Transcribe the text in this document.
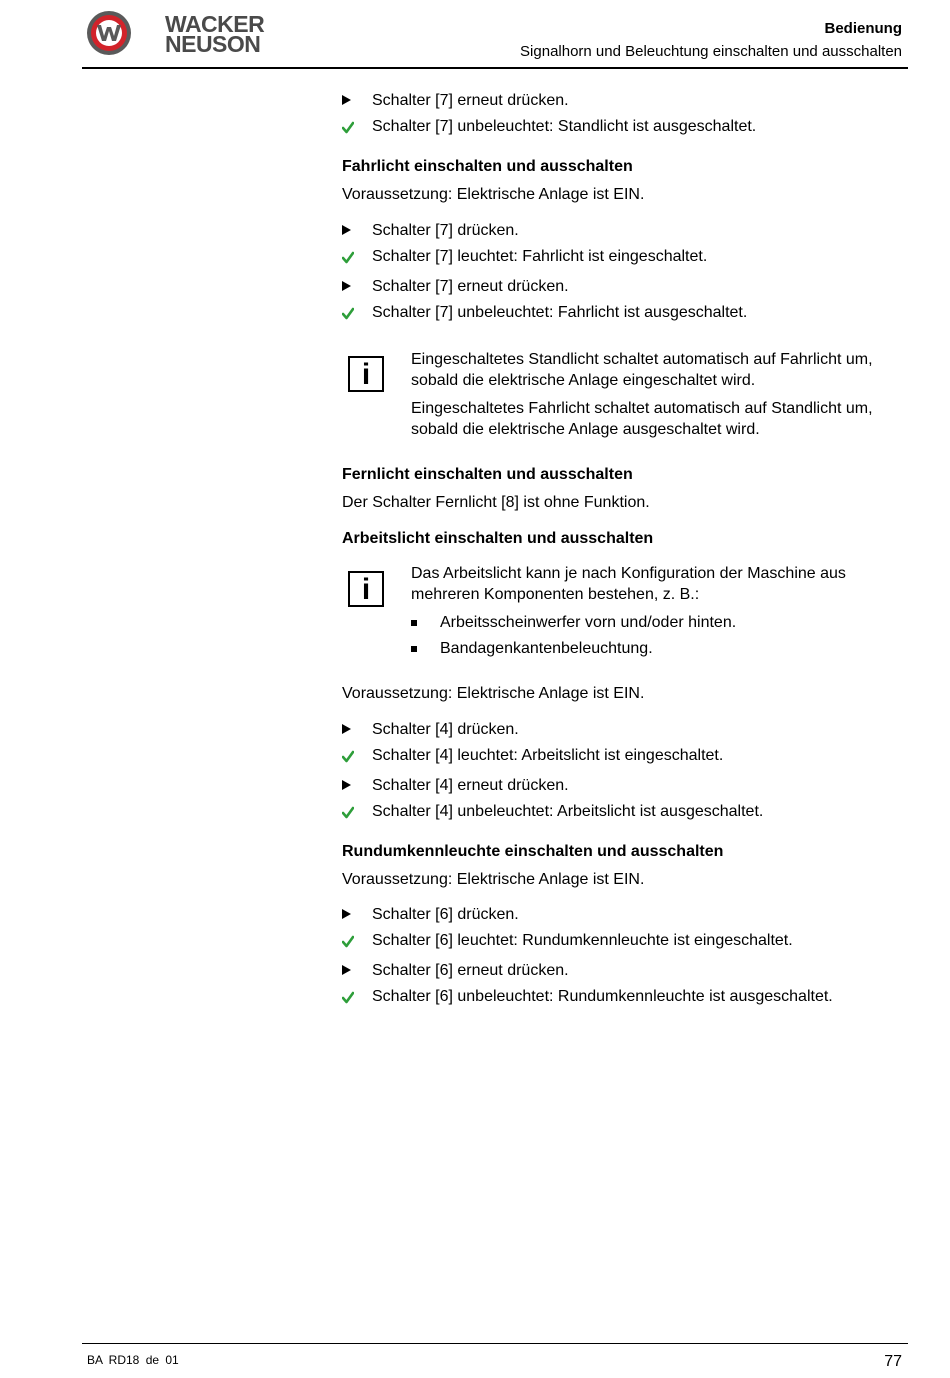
WACKER
NEUSON
Bedienung
Signalhorn und Beleuchtung einschalten und ausschalten
Schalter [7] erneut drücken.
Schalter [7] unbeleuchtet: Standlicht ist ausgeschaltet.
Fahrlicht einschalten und ausschalten
Voraussetzung: Elektrische Anlage ist EIN.
Schalter [7] drücken.
Schalter [7] leuchtet: Fahrlicht ist eingeschaltet.
Schalter [7] erneut drücken.
Schalter [7] unbeleuchtet: Fahrlicht ist ausgeschaltet.
i	Eingeschaltetes Standlicht schaltet automatisch auf Fahrlicht um, sobald die elektrische Anlage eingeschaltet wird.
Eingeschaltetes Fahrlicht schaltet automatisch auf Standlicht um, sobald die elektrische Anlage ausgeschaltet wird.
Fernlicht einschalten und ausschalten
Der Schalter Fernlicht [8] ist ohne Funktion.
Arbeitslicht einschalten und ausschalten
i	Das Arbeitslicht kann je nach Konfiguration der Maschine aus mehreren Komponenten bestehen, z. B.:
Arbeitsscheinwerfer vorn und/oder hinten.
Bandagenkantenbeleuchtung.
Voraussetzung: Elektrische Anlage ist EIN.
Schalter [4] drücken.
Schalter [4] leuchtet: Arbeitslicht ist eingeschaltet.
Schalter [4] erneut drücken.
Schalter [4] unbeleuchtet: Arbeitslicht ist ausgeschaltet.
Rundumkennleuchte einschalten und ausschalten
Voraussetzung: Elektrische Anlage ist EIN.
Schalter [6] drücken.
Schalter [6] leuchtet: Rundumkennleuchte ist eingeschaltet.
Schalter [6] erneut drücken.
Schalter [6] unbeleuchtet: Rundumkennleuchte ist ausgeschaltet.
BA RD18 de 01	77
